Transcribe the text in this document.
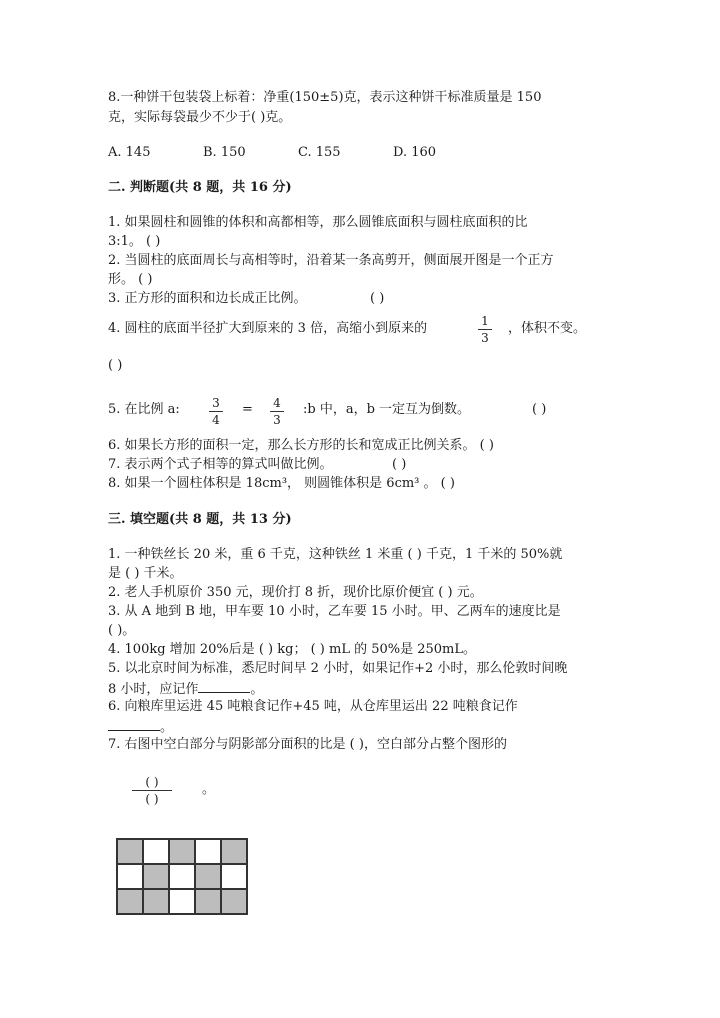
8.一种饼干包装袋上标着：净重(150±5)克，表示这种饼干标准质量是 150
克，实际每袋最少不少于( )克。
A. 145	B. 150	C. 155	D. 160
二. 判断题(共 8 题，共 16 分)
1. 如果圆柱和圆锥的体积和高都相等，那么圆锥底面积与圆柱底面积的比
3:1。 ( )
2. 当圆柱的底面周长与高相等时，沿着某一条高剪开，侧面展开图是一个正方
形。 ( )
3. 正方形的面积和边长成正比例。	( )
4. 圆柱的底面半径扩大到原来的 3 倍，高缩小到原来的	1
3
，体积不变。
( )
5. 在比例 a:	3
4
= 4
3
:b 中，a，b 一定互为倒数。	( )
6. 如果长方形的面积一定，那么长方形的长和宽成正比例关系。 ( )
7. 表示两个式子相等的算式叫做比例。	( )
8. 如果一个圆柱体积是 18cm³， 则圆锥体积是 6cm³ 。 ( )
三. 填空题(共 8 题，共 13 分)
1. 一种铁丝长 20 米，重 6 千克，这种铁丝 1 米重 ( ) 千克，1 千米的 50%就
是 ( ) 千米。
2. 老人手机原价 350 元，现价打 8 折，现价比原价便宜 ( ) 元。
3. 从 A 地到 B 地，甲车要 10 小时，乙车要 15 小时。甲、乙两车的速度比是
( )。
4. 100kg 增加 20%后是 ( ) kg； ( ) mL 的 50%是 250mL。
5. 以北京时间为标准，悉尼时间早 2 小时，如果记作+2 小时，那么伦敦时间晚
8 小时，应记作	。
6. 向粮库里运进 45 吨粮食记作+45 吨，从仓库里运出 22 吨粮食记作
。
7. 右图中空白部分与阴影部分面积的比是 ( )，空白部分占整个图形的
( )
( )
。
